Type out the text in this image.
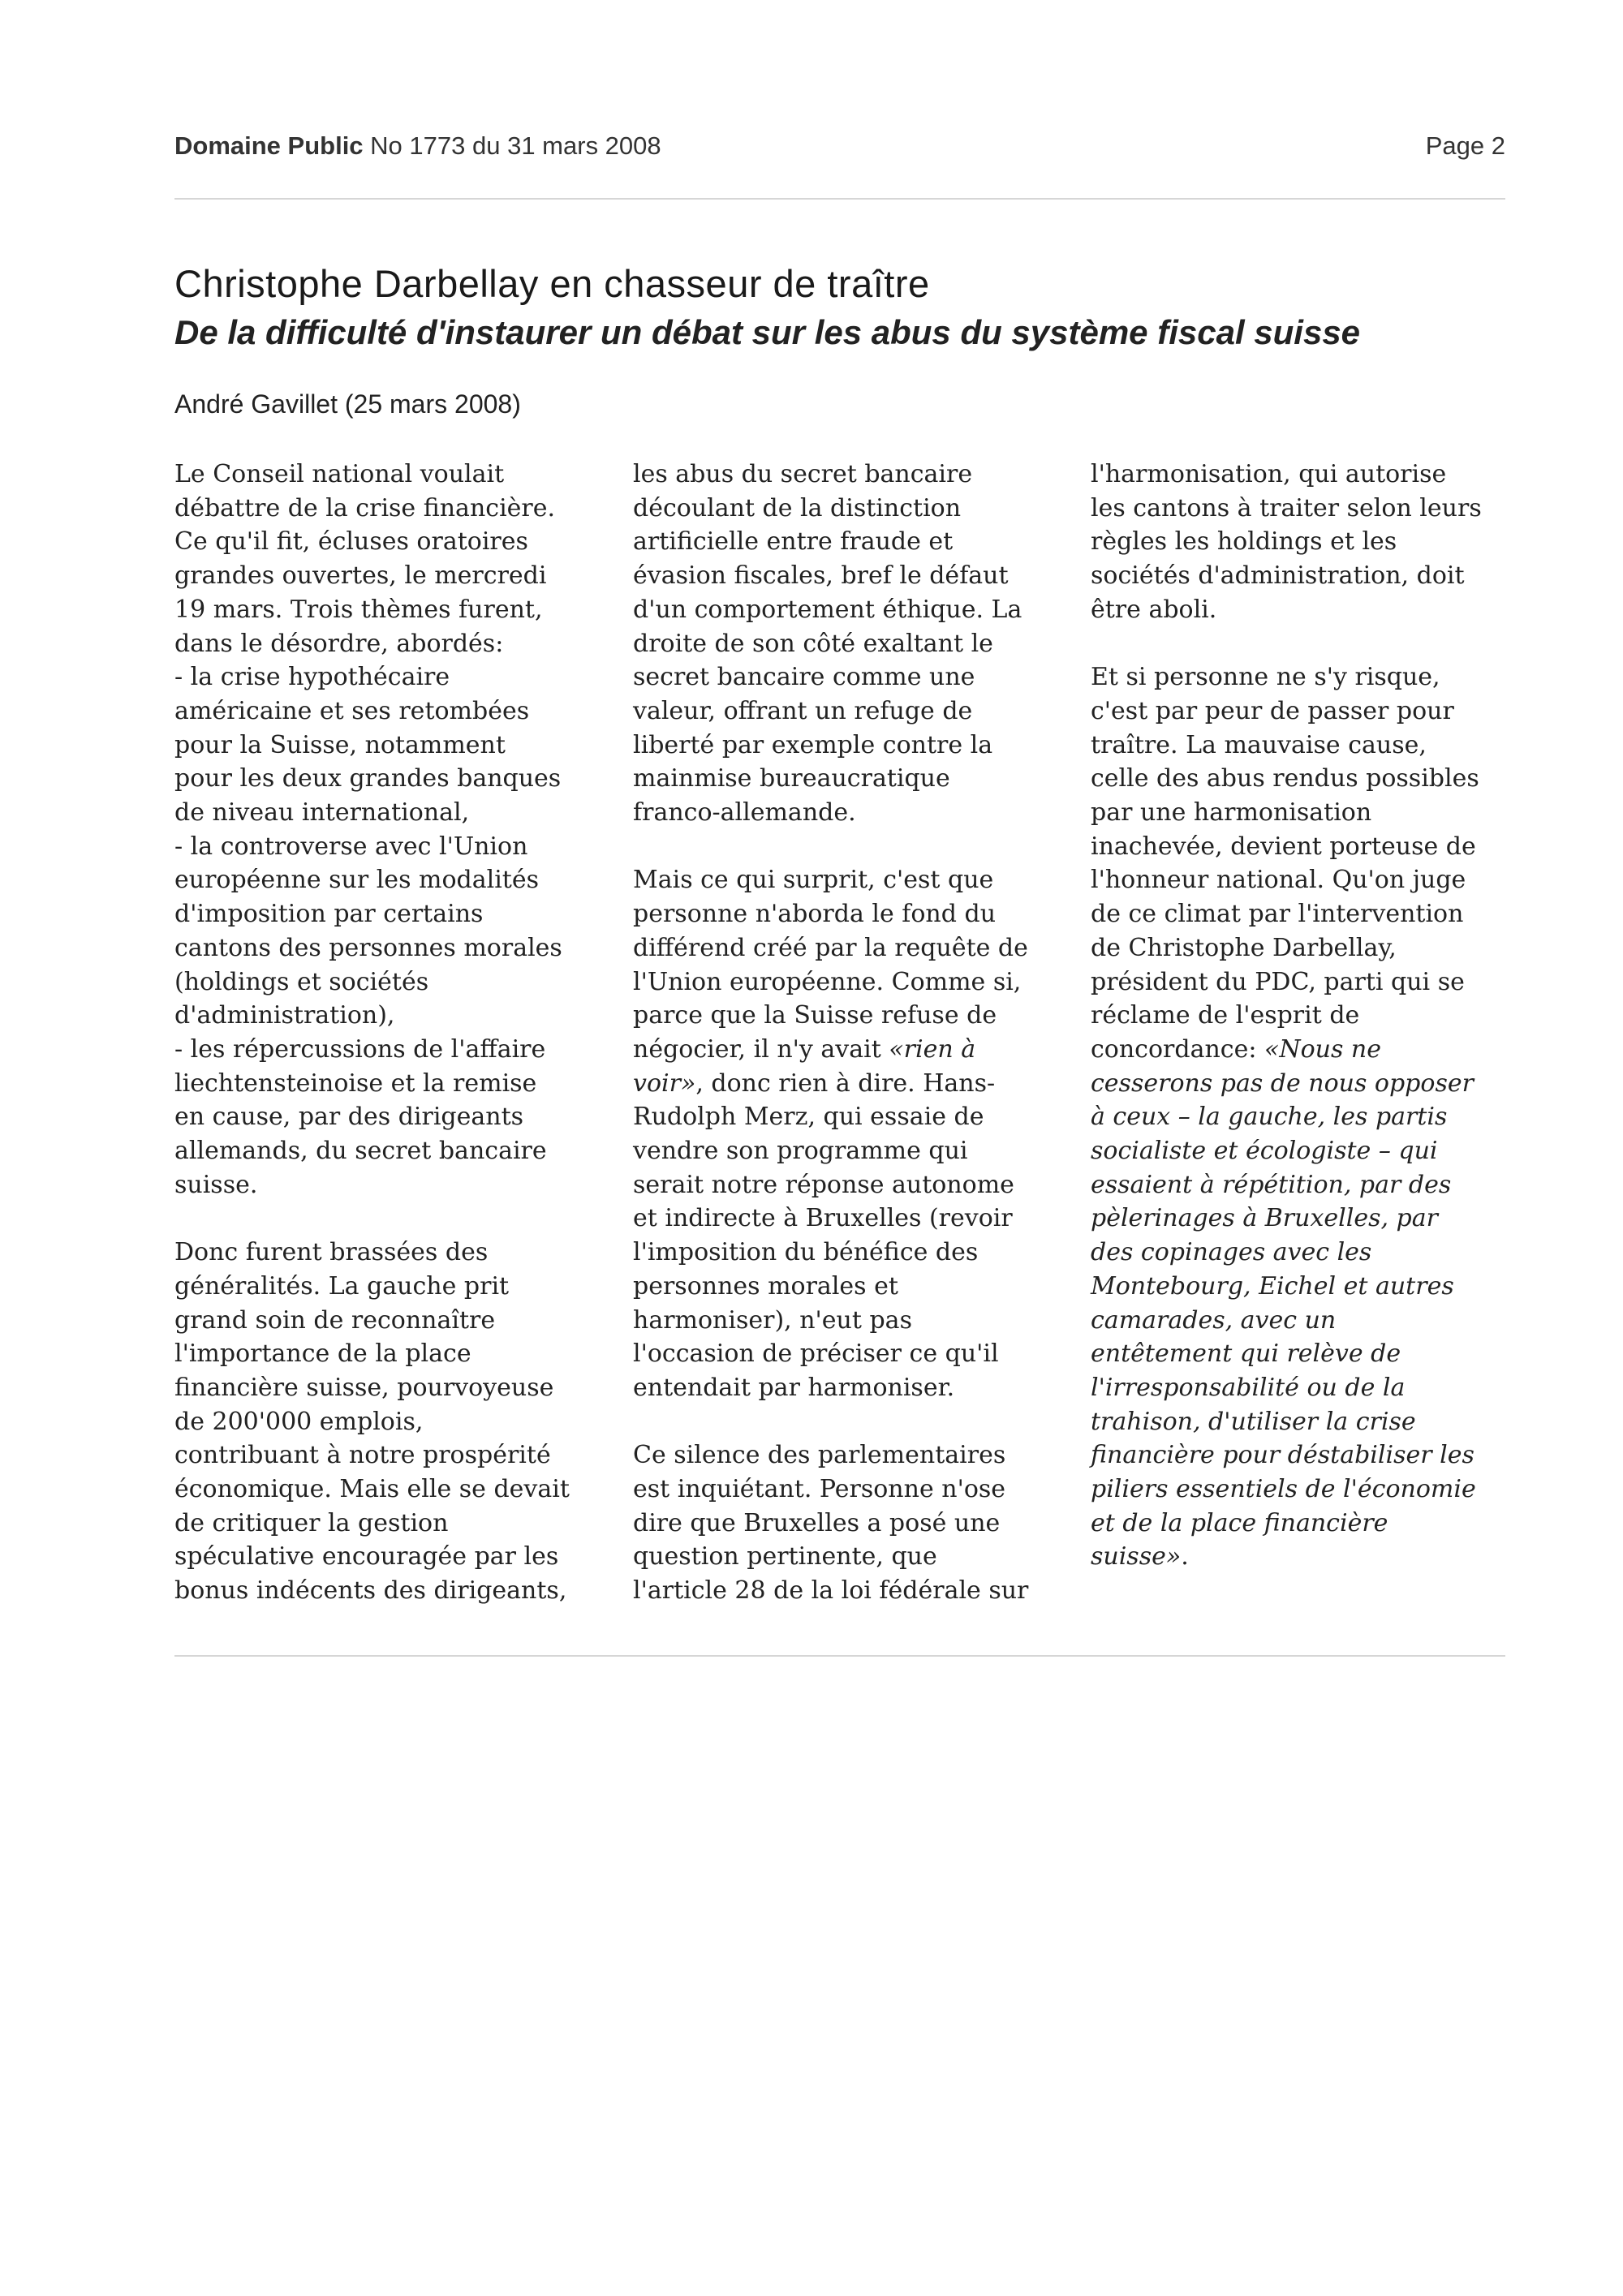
Domaine Public No 1773 du 31 mars 2008	Page 2
Christophe Darbellay en chasseur de traître
De la difficulté d'instaurer un débat sur les abus du système fiscal suisse
André Gavillet (25 mars 2008)

Le Conseil national voulait
débattre de la crise financière.
Ce qu'il fit, écluses oratoires
grandes ouvertes, le mercredi
19 mars. Trois thèmes furent,
dans le désordre, abordés:
- la crise hypothécaire
américaine et ses retombées
pour la Suisse, notamment
pour les deux grandes banques
de niveau international,
- la controverse avec l'Union
européenne sur les modalités
d'imposition par certains
cantons des personnes morales
(holdings et sociétés
d'administration),
- les répercussions de l'affaire
liechtensteinoise et la remise
en cause, par des dirigeants
allemands, du secret bancaire
suisse.

Donc furent brassées des
généralités. La gauche prit
grand soin de reconnaître
l'importance de la place
financière suisse, pourvoyeuse
de 200'000 emplois,
contribuant à notre prospérité
économique. Mais elle se devait
de critiquer la gestion
spéculative encouragée par les
bonus indécents des dirigeants,

les abus du secret bancaire
découlant de la distinction
artificielle entre fraude et
évasion fiscales, bref le défaut
d'un comportement éthique. La
droite de son côté exaltant le
secret bancaire comme une
valeur, offrant un refuge de
liberté par exemple contre la
mainmise bureaucratique
franco-allemande.

Mais ce qui surprit, c'est que
personne n'aborda le fond du
différend créé par la requête de
l'Union européenne. Comme si,
parce que la Suisse refuse de
négocier, il n'y avait «rien à
voir», donc rien à dire. Hans-
Rudolph Merz, qui essaie de
vendre son programme qui
serait notre réponse autonome
et indirecte à Bruxelles (revoir
l'imposition du bénéfice des
personnes morales et
harmoniser), n'eut pas
l'occasion de préciser ce qu'il
entendait par harmoniser.

Ce silence des parlementaires
est inquiétant. Personne n'ose
dire que Bruxelles a posé une
question pertinente, que
l'article 28 de la loi fédérale sur

l'harmonisation, qui autorise
les cantons à traiter selon leurs
règles les holdings et les
sociétés d'administration, doit
être aboli.

Et si personne ne s'y risque,
c'est par peur de passer pour
traître. La mauvaise cause,
celle des abus rendus possibles
par une harmonisation
inachevée, devient porteuse de
l'honneur national. Qu'on juge
de ce climat par l'intervention
de Christophe Darbellay,
président du PDC, parti qui se
réclame de l'esprit de
concordance: «Nous ne
cesserons pas de nous opposer
à ceux – la gauche, les partis
socialiste et écologiste – qui
essaient à répétition, par des
pèlerinages à Bruxelles, par
des copinages avec les
Montebourg, Eichel et autres
camarades, avec un
entêtement qui relève de
l'irresponsabilité ou de la
trahison, d'utiliser la crise
financière pour déstabiliser les
piliers essentiels de l'économie
et de la place financière
suisse».
